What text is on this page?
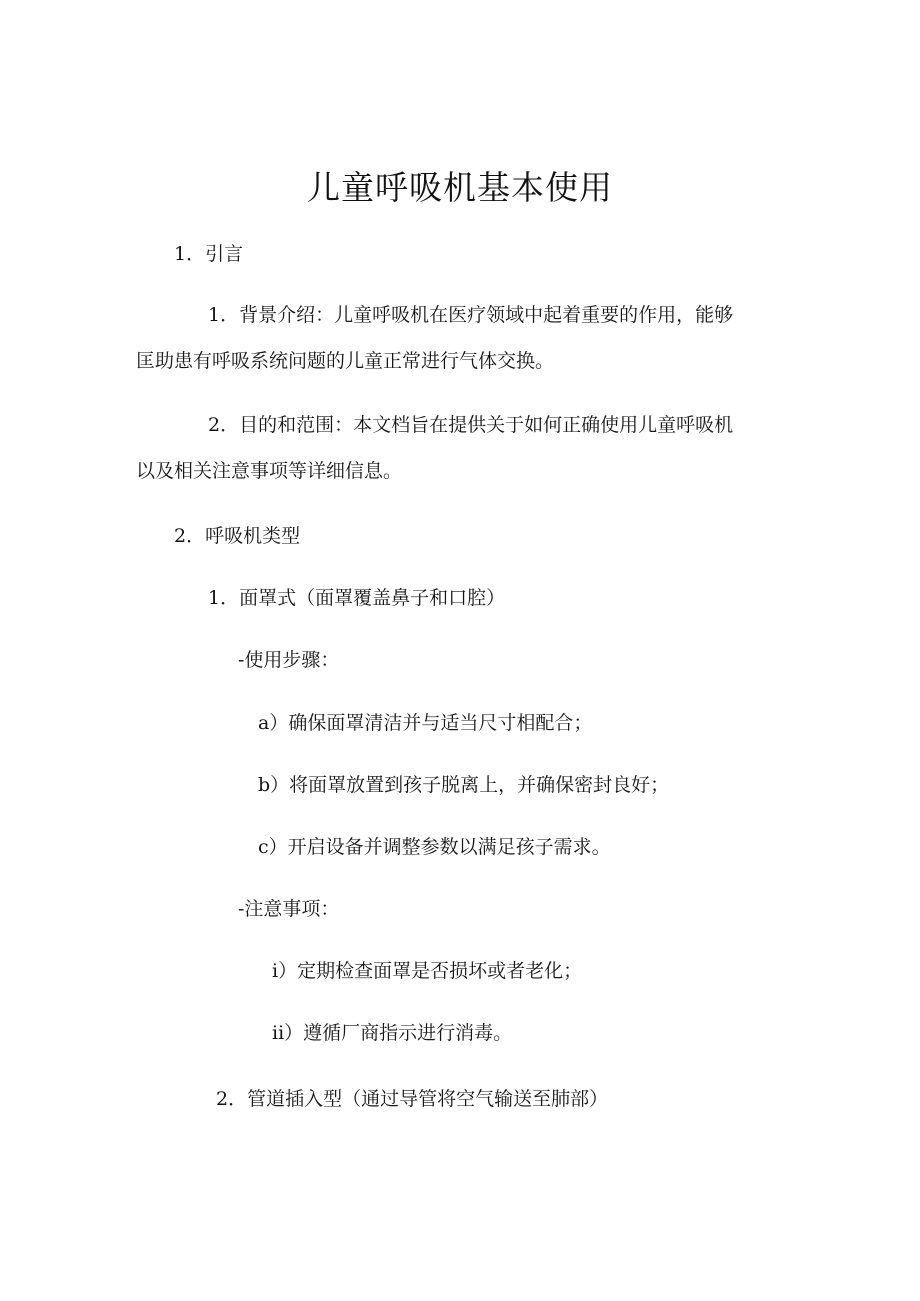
儿童呼吸机基本使用

1．引言

1．背景介绍：儿童呼吸机在医疗领域中起着重要的作用，能够

匡助患有呼吸系统问题的儿童正常进行气体交换。

2．目的和范围：本文档旨在提供关于如何正确使用儿童呼吸机

以及相关注意事项等详细信息。

2．呼吸机类型

1．面罩式（面罩覆盖鼻子和口腔）

-使用步骤：

a）确保面罩清洁并与适当尺寸相配合；

b）将面罩放置到孩子脱离上，并确保密封良好；

c）开启设备并调整参数以满足孩子需求。

-注意事项：

i）定期检查面罩是否损坏或者老化；

ii）遵循厂商指示进行消毒。

2．管道插入型（通过导管将空气输送至肺部）
